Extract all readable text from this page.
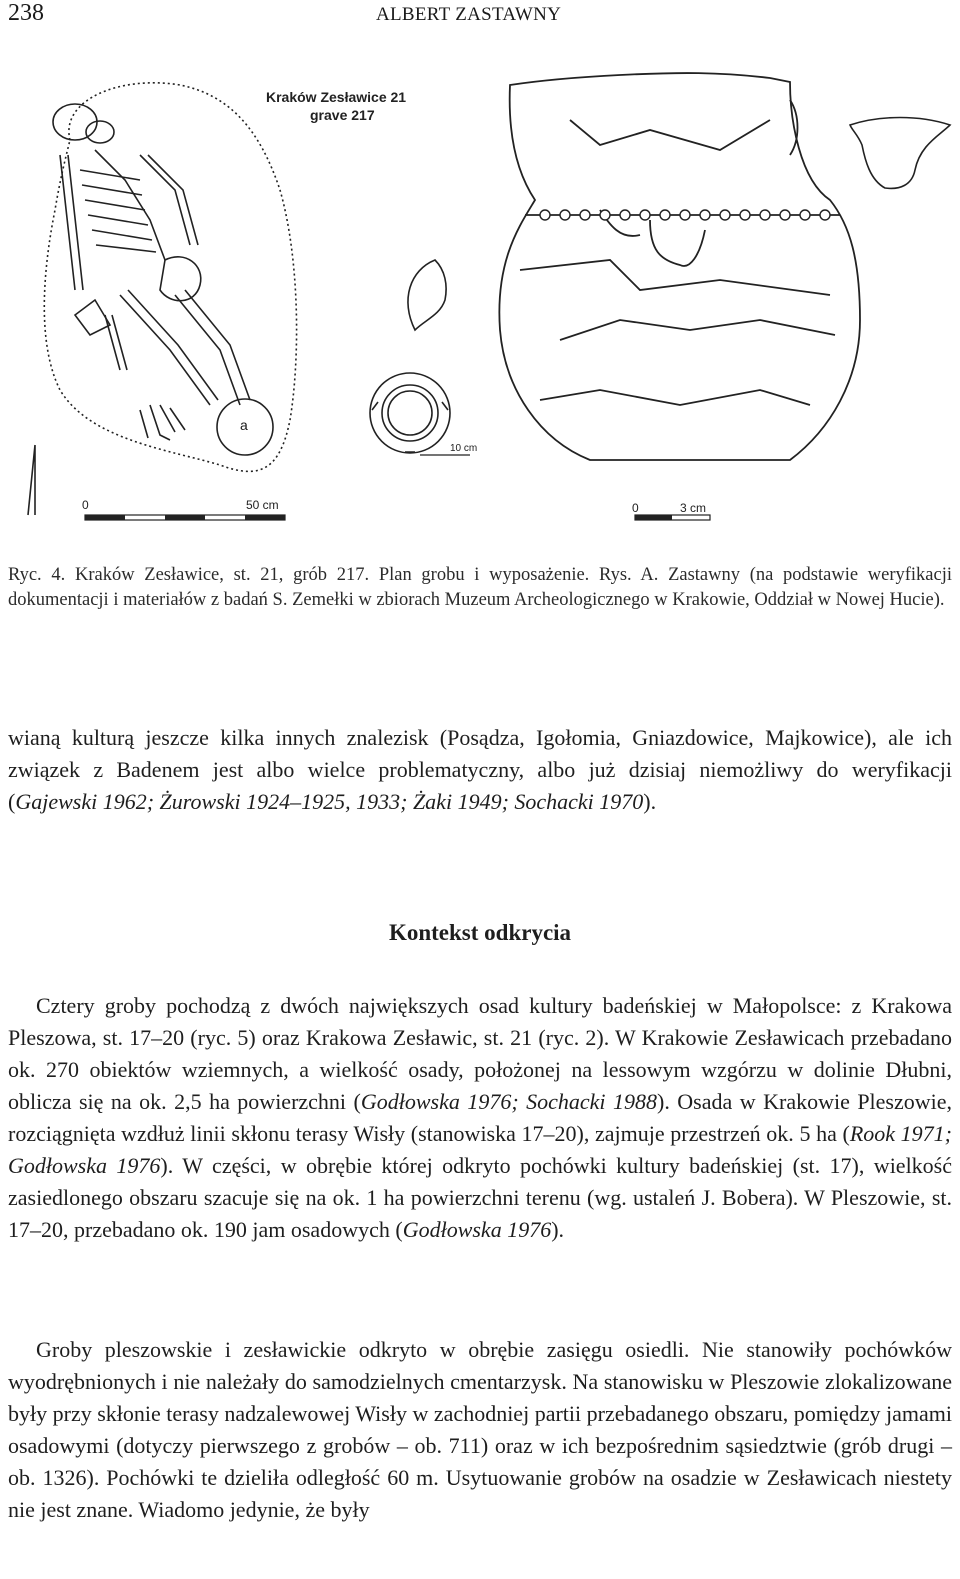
238	ALBERT ZASTAWNY
Kraków Zesławice 21
grave 217
a
0	50 cm	0	3 cm
10 cm
Ryc. 4. Kraków Zesławice, st. 21, grób 217. Plan grobu i wyposażenie. Rys. A. Zastawny (na podstawie weryfikacji dokumentacji i materiałów z badań S. Zemełki w zbiorach Muzeum Archeologicznego w Krakowie, Oddział w Nowej Hucie).

wianą kulturą jeszcze kilka innych znalezisk (Posądza, Igołomia, Gniazdowice, Majkowice), ale ich związek z Badenem jest albo wielce problematyczny, albo już dzisiaj niemożliwy do weryfikacji (Gajewski 1962; Żurowski 1924–1925, 1933; Żaki 1949; Sochacki 1970).

Kontekst odkrycia

Cztery groby pochodzą z dwóch największych osad kultury badeńskiej w Małopolsce: z Krakowa Pleszowa, st. 17–20 (ryc. 5) oraz Krakowa Zesławic, st. 21 (ryc. 2). W Krakowie Zesławicach przebadano ok. 270 obiektów wziemnych, a wielkość osady, położonej na lessowym wzgórzu w dolinie Dłubni, oblicza się na ok. 2,5 ha powierzchni (Godłowska 1976; Sochacki 1988). Osada w Krakowie Pleszowie, rozciągnięta wzdłuż linii skłonu terasy Wisły (stanowiska 17–20), zajmuje przestrzeń ok. 5 ha (Rook 1971; Godłowska 1976). W części, w obrębie której odkryto pochówki kultury badeńskiej (st. 17), wielkość zasiedlonego obszaru szacuje się na ok. 1 ha powierzchni terenu (wg. ustaleń J. Bobera). W Pleszowie, st. 17–20, przebadano ok. 190 jam osadowych (Godłowska 1976).

Groby pleszowskie i zesławickie odkryto w obrębie zasięgu osiedli. Nie stanowiły pochówków wyodrębnionych i nie należały do samodzielnych cmentarzysk. Na stanowisku w Pleszowie zlokalizowane były przy skłonie terasy nadzalewowej Wisły w zachodniej partii przebadanego obszaru, pomiędzy jamami osadowymi (dotyczy pierwszego z grobów – ob. 711) oraz w ich bezpośrednim sąsiedztwie (grób drugi – ob. 1326). Pochówki te dzieliła odległość 60 m. Usytuowanie grobów na osadzie w Zesławicach niestety nie jest znane. Wiadomo jedynie, że były
